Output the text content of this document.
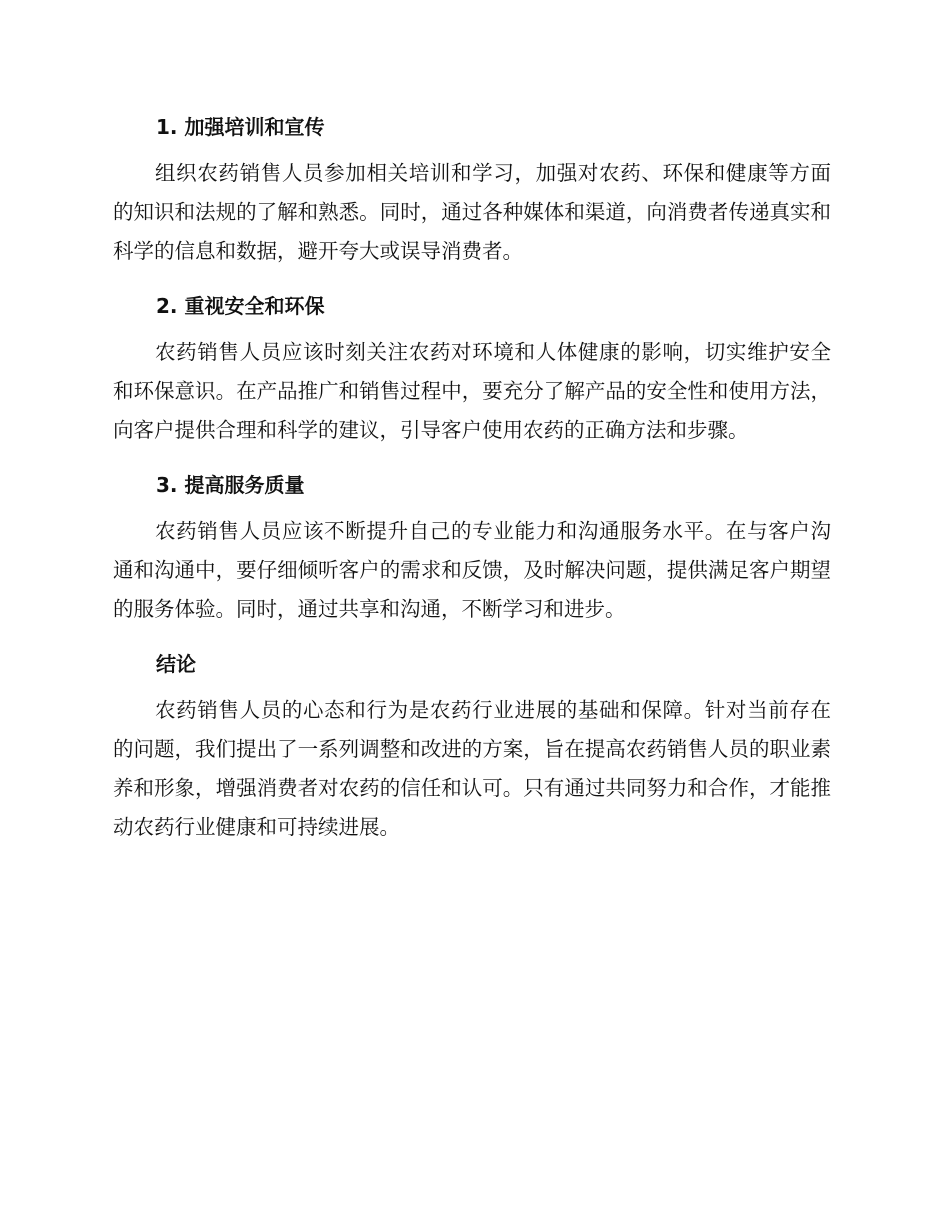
1. 加强培训和宣传

组织农药销售人员参加相关培训和学习，加强对农药、环保和健康等方面的知识和法规的了解和熟悉。同时，通过各种媒体和渠道，向消费者传递真实和科学的信息和数据，避开夸大或误导消费者。

2. 重视安全和环保

农药销售人员应该时刻关注农药对环境和人体健康的影响，切实维护安全和环保意识。在产品推广和销售过程中，要充分了解产品的安全性和使用方法，向客户提供合理和科学的建议，引导客户使用农药的正确方法和步骤。

3. 提高服务质量

农药销售人员应该不断提升自己的专业能力和沟通服务水平。在与客户沟通和沟通中，要仔细倾听客户的需求和反馈，及时解决问题，提供满足客户期望的服务体验。同时，通过共享和沟通，不断学习和进步。

结论

农药销售人员的心态和行为是农药行业进展的基础和保障。针对当前存在的问题，我们提出了一系列调整和改进的方案，旨在提高农药销售人员的职业素养和形象，增强消费者对农药的信任和认可。只有通过共同努力和合作，才能推动农药行业健康和可持续进展。
